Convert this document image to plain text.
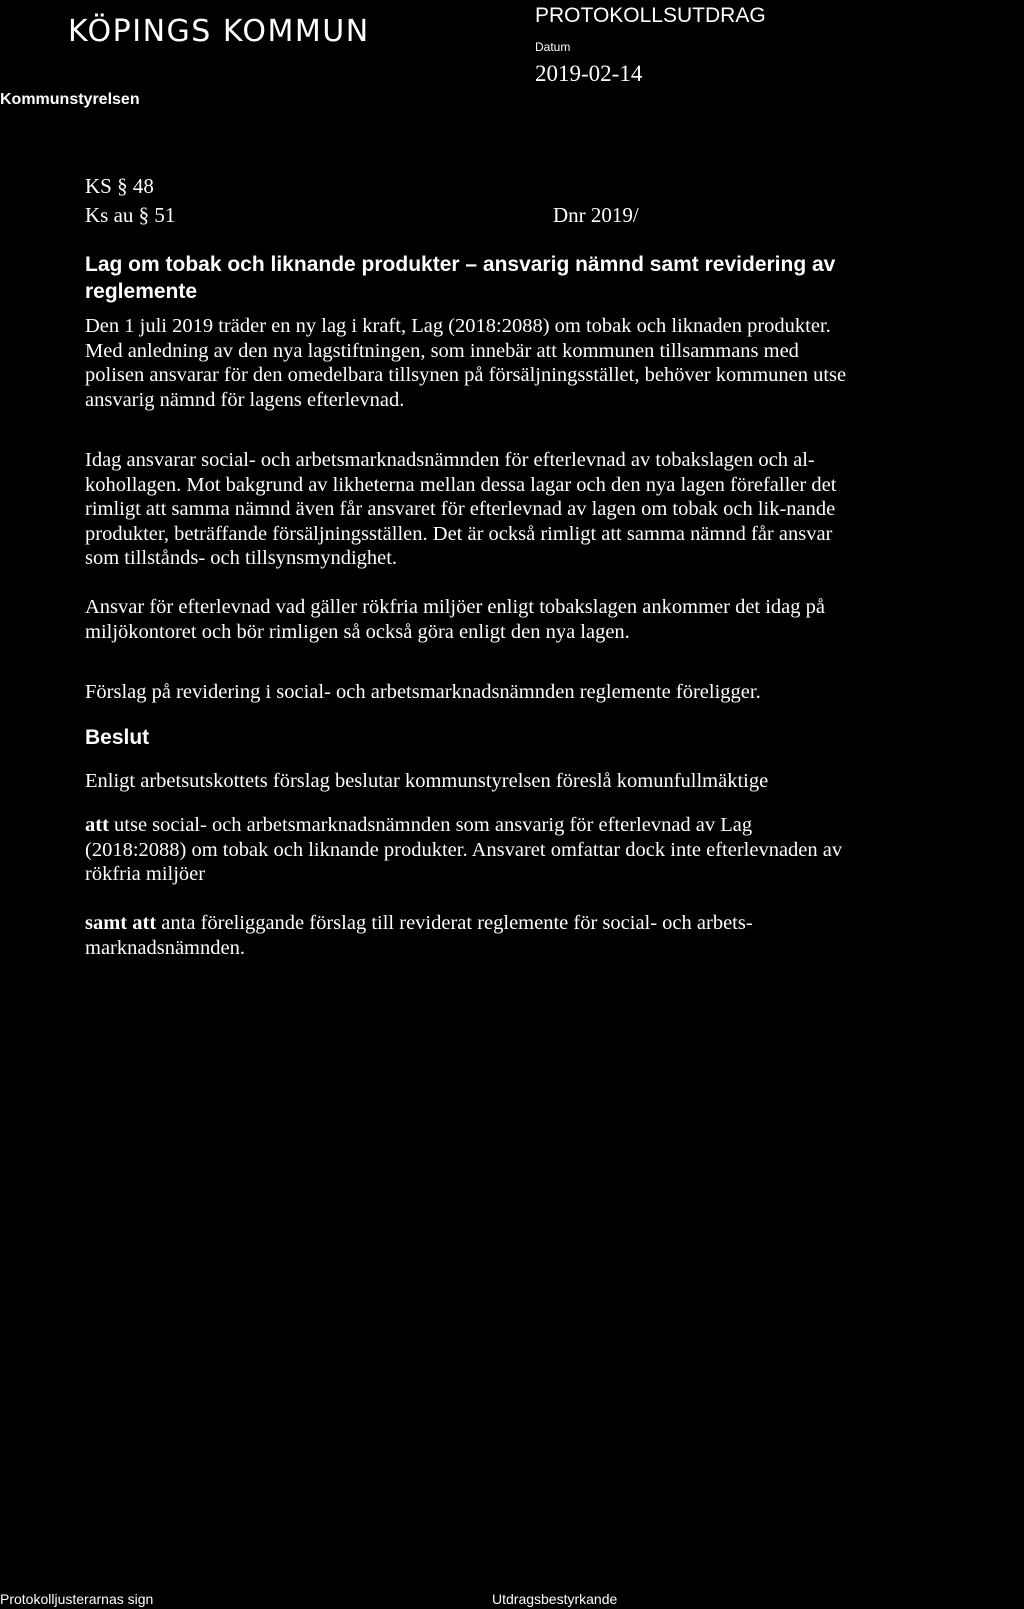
KÖPINGS KOMMUN
Kommunstyrelsen
PROTOKOLLSUTDRAG
Datum
2019-02-14
KS § 48
Ks au § 51	Dnr 2019/
Lag om tobak och liknande produkter – ansvarig nämnd samt revidering av
reglemente
Den 1 juli 2019 träder en ny lag i kraft, Lag (2018:2088) om tobak och liknaden produkter.
Med anledning av den nya lagstiftningen, som innebär att kommunen tillsammans med
polisen ansvarar för den omedelbara tillsynen på försäljningsstället, behöver kommunen utse
ansvarig nämnd för lagens efterlevnad.
Idag ansvarar social- och arbetsmarknadsnämnden för efterlevnad av tobakslagen och al-
kohollagen. Mot bakgrund av likheterna mellan dessa lagar och den nya lagen förefaller det
rimligt att samma nämnd även får ansvaret för efterlevnad av lagen om tobak och lik-nande
produkter, beträffande försäljningsställen. Det är också rimligt att samma nämnd får ansvar
som tillstånds- och tillsynsmyndighet.
Ansvar för efterlevnad vad gäller rökfria miljöer enligt tobakslagen ankommer det idag på
miljökontoret och bör rimligen så också göra enligt den nya lagen.
Förslag på revidering i social- och arbetsmarknadsnämnden reglemente föreligger.
Beslut
Enligt arbetsutskottets förslag beslutar kommunstyrelsen föreslå komunfullmäktige
att utse social- och arbetsmarknadsnämnden som ansvarig för efterlevnad av Lag
(2018:2088) om tobak och liknande produkter. Ansvaret omfattar dock inte efterlevnaden av
rökfria miljöer
samt att anta föreliggande förslag till reviderat reglemente för social- och arbets-
marknadsnämnden.
Protokolljusterarnas sign	Utdragsbestyrkande
